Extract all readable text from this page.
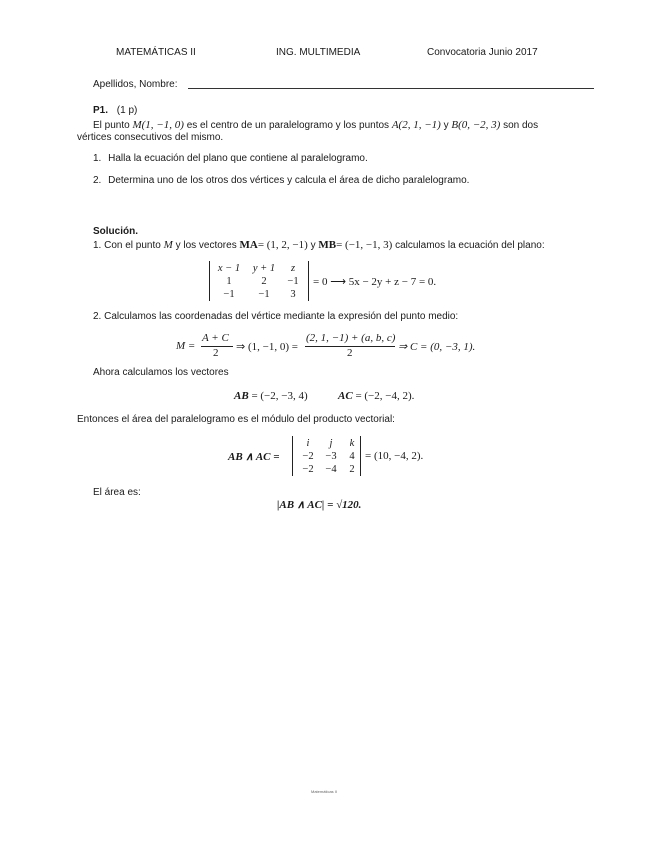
MATEMÁTICAS II	ING. MULTIMEDIA	Convocatoria Junio 2017
Apellidos, Nombre:
P1. (1 p)
El punto M(1, −1, 0) es el centro de un paralelogramo y los puntos A(2, 1, −1) y B(0, −2, 3) son dos
vértices consecutivos del mismo.
1. Halla la ecuación del plano que contiene al paralelogramo.
2. Determina uno de los otros dos vértices y calcula el área de dicho paralelogramo.
Solución.
1. Con el punto M y los vectores MA= (1, 2, −1) y MB= (−1, −1, 3) calculamos la ecuación del plano:
x − 1	y + 1	z
1	2	−1
−1	−1	3
= 0 ⟶ 5x − 2y + z − 7 = 0.
2. Calculamos las coordenadas del vértice mediante la expresión del punto medio:
M =
A + C
2 ⇒ (1, −1, 0) =
(2, 1, −1) + (a, b, c)
2	⇒ C = (0, −3, 1).
Ahora calculamos los vectores
AB = (−2, −3, 4)	AC = (−2, −4, 2).
Entonces el área del paralelogramo es el módulo del producto vectorial:
AB ∧ AC =
i	j	k
−2	−3	4
−2	−4	2
= (10, −4, 2).
El área es:
|AB ∧ AC| = √120.
Matemáticas II
